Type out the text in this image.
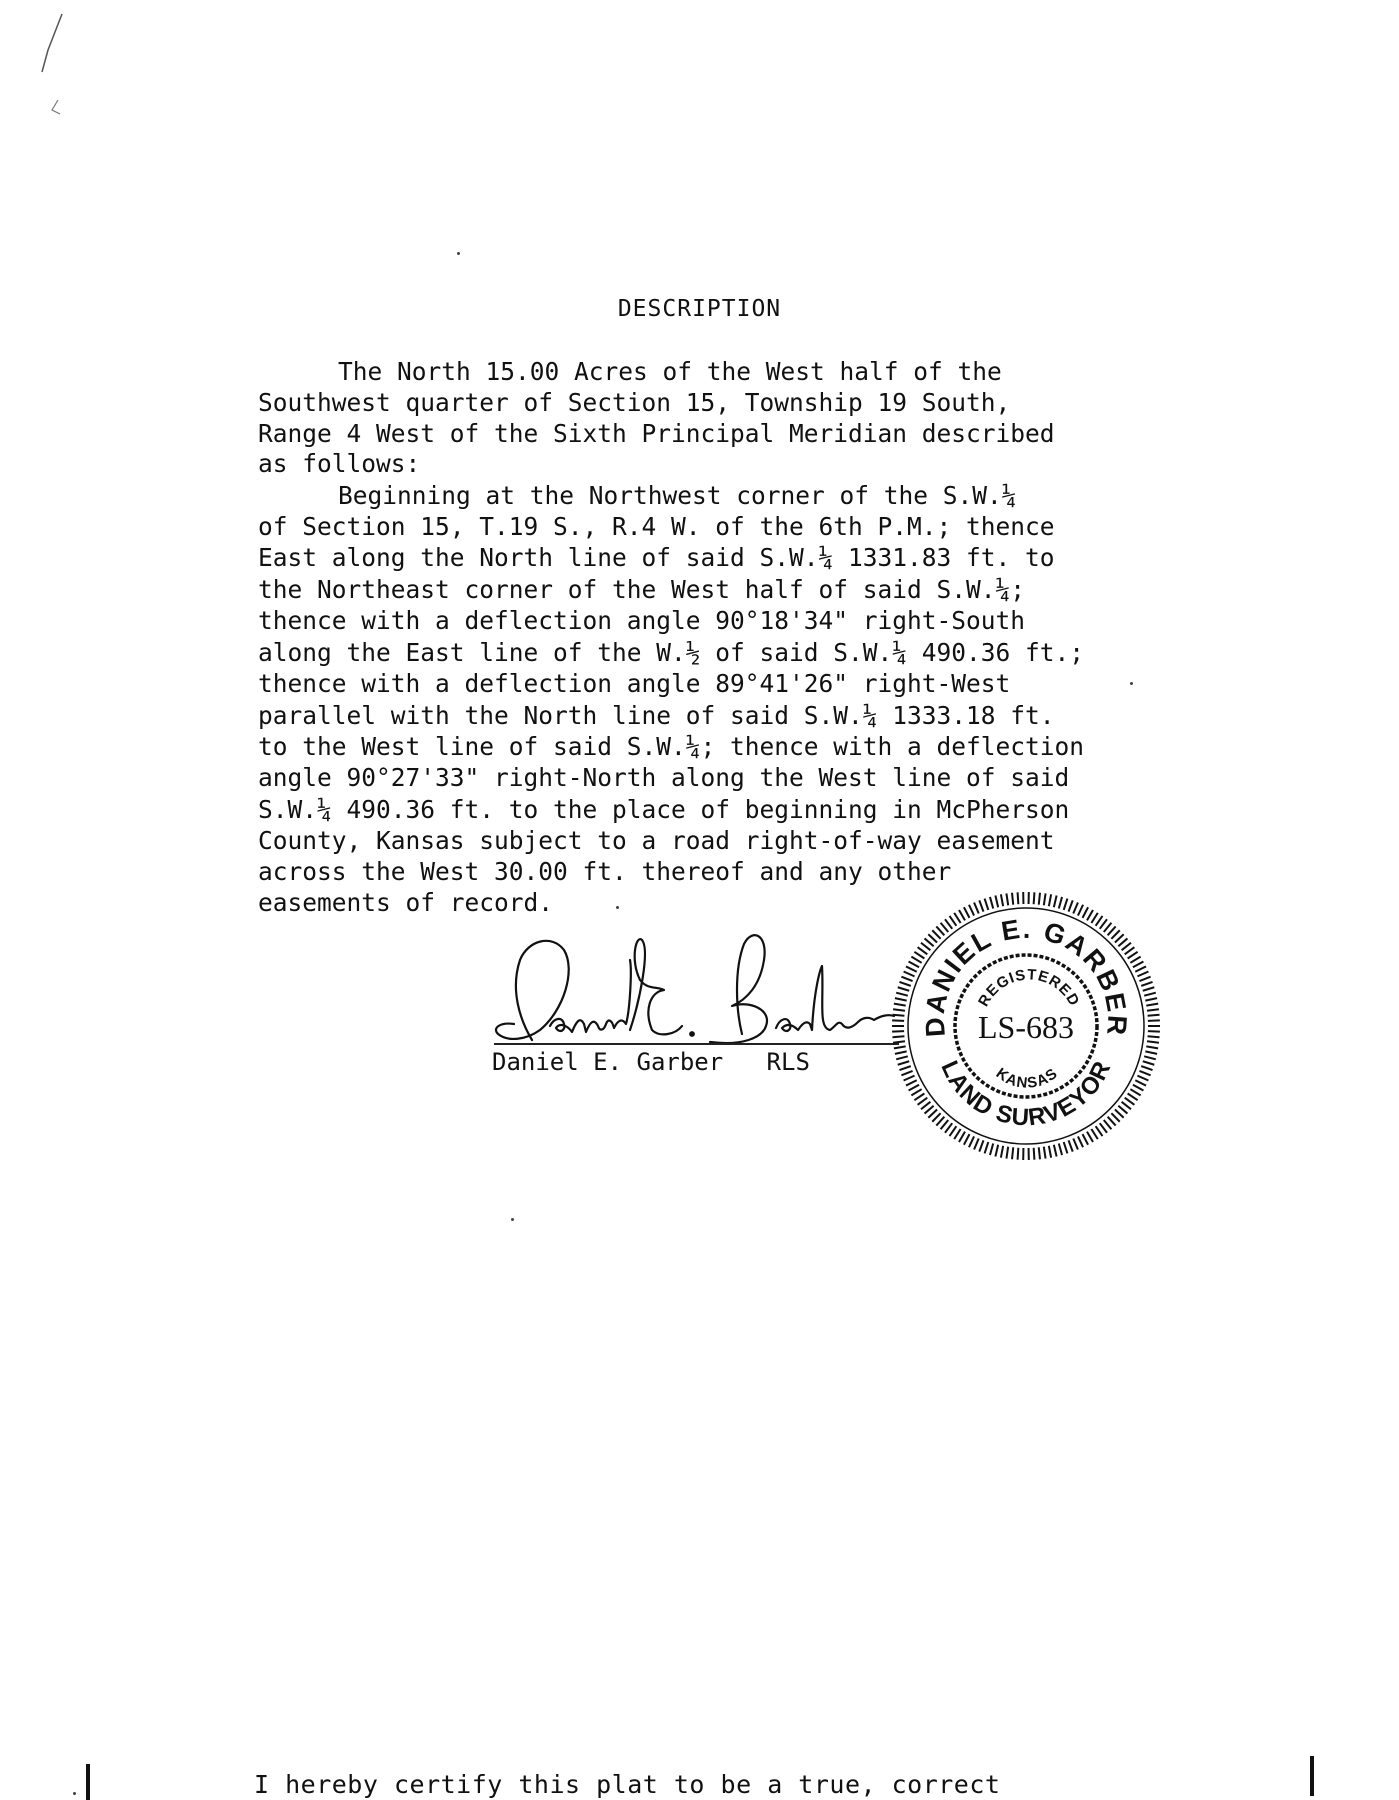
DESCRIPTION
The North 15.00 Acres of the West half of the
Southwest quarter of Section 15, Township 19 South,
Range 4 West of the Sixth Principal Meridian described
as follows:
Beginning at the Northwest corner of the S.W.¼
of Section 15, T.19 S., R.4 W. of the 6th P.M.; thence
East along the North line of said S.W.¼ 1331.83 ft. to
the Northeast corner of the West half of said S.W.¼;
thence with a deflection angle 90°18'34" right-South
along the East line of the W.½ of said S.W.¼ 490.36 ft.;
thence with a deflection angle 89°41'26" right-West
parallel with the North line of said S.W.¼ 1333.18 ft.
to the West line of said S.W.¼; thence with a deflection
angle 90°27'33" right-North along the West line of said
S.W.¼ 490.36 ft. to the place of beginning in McPherson
County, Kansas subject to a road right-of-way easement
across the West 30.00 ft. thereof and any other
easements of record.
Daniel E. Garber RLS
DANIEL E. GARBER
REGISTERED
LS-683
KANSAS
LAND SURVEYOR
I hereby certify this plat to be a true, correct
